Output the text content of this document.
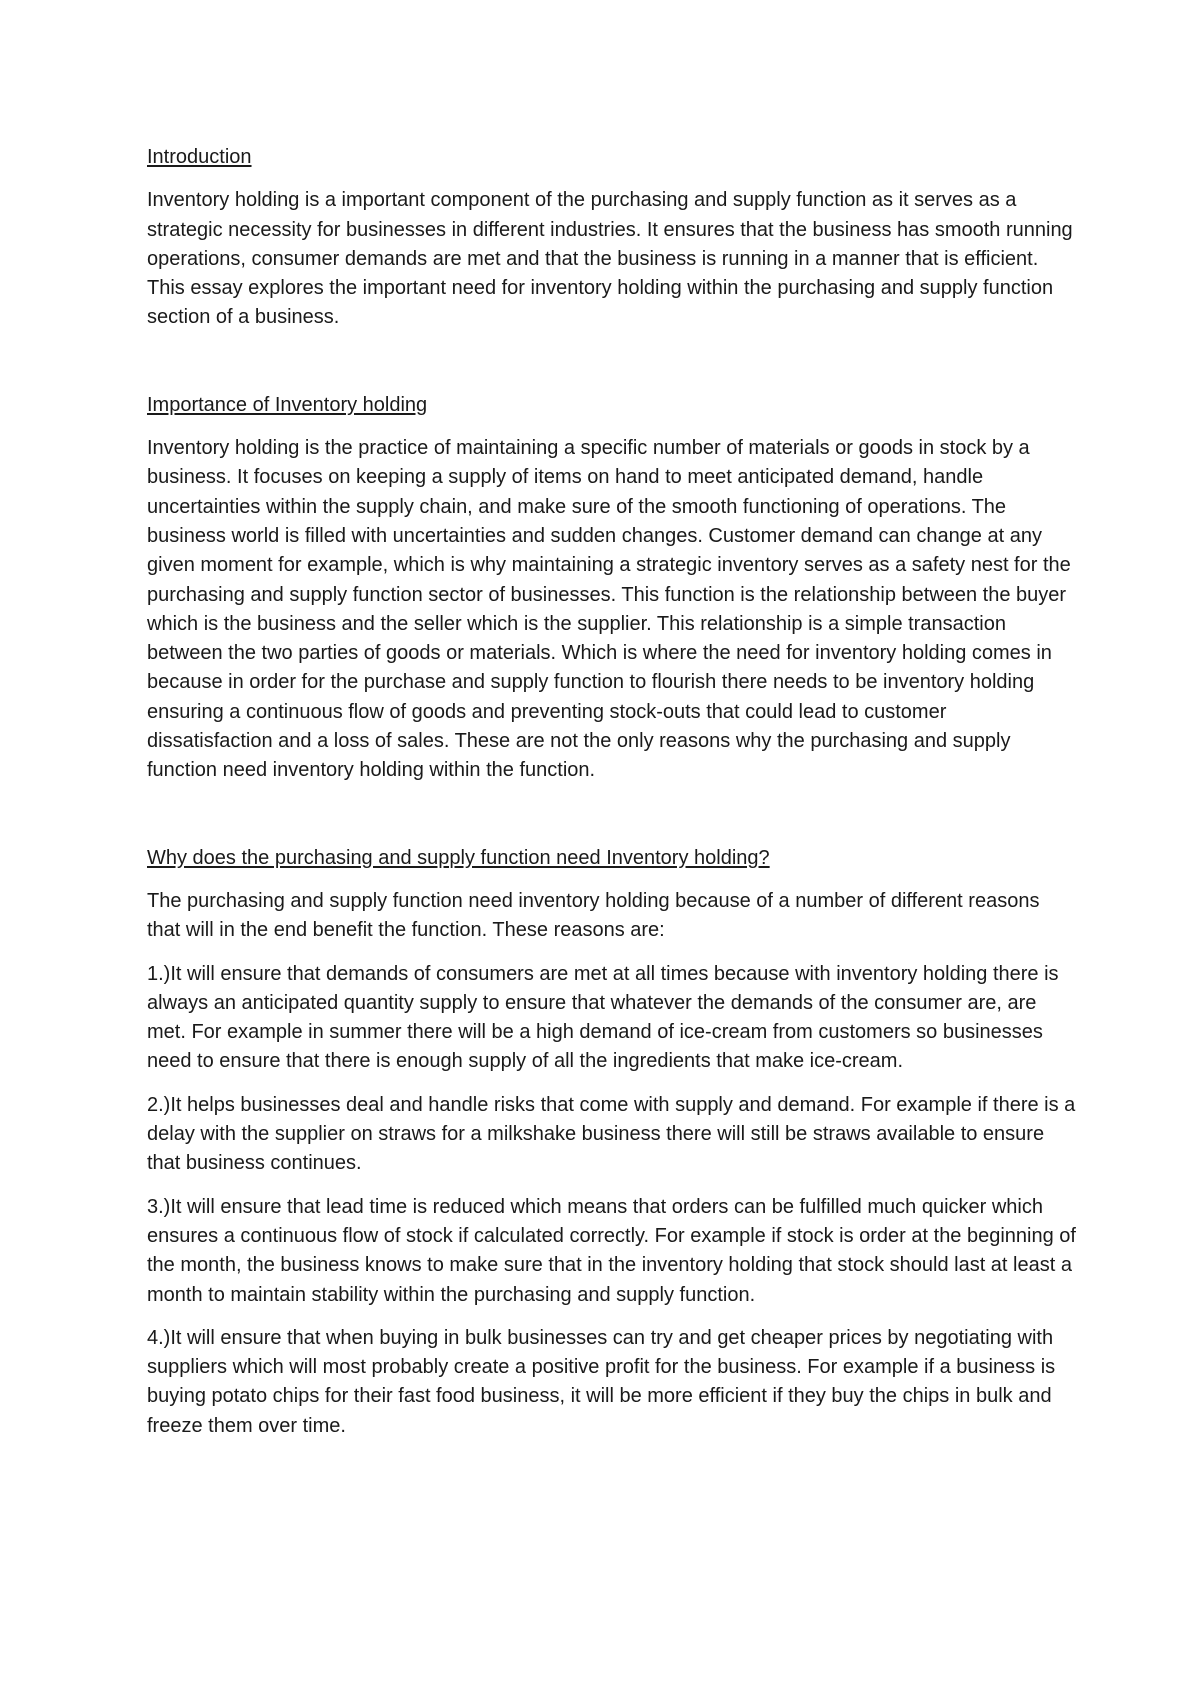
Introduction

Inventory holding is a important component of the purchasing and supply function as it serves as a strategic necessity for businesses in different industries. It ensures that the business has smooth running operations, consumer demands are met and that the business is running in a manner that is efficient. This essay explores the important need for inventory holding within the purchasing and supply function section of a business.

Importance of Inventory holding

Inventory holding is the practice of maintaining a specific number of materials or goods in stock by a business. It focuses on keeping a supply of items on hand to meet anticipated demand, handle uncertainties within the supply chain, and make sure of the smooth functioning of operations. The business world is filled with uncertainties and sudden changes. Customer demand can change at any given moment for example, which is why maintaining a strategic inventory serves as a safety nest for the purchasing and supply function sector of businesses. This function is the relationship between the buyer which is the business and the seller which is the supplier. This relationship is a simple transaction between the two parties of goods or materials. Which is where the need for inventory holding comes in because in order for the purchase and supply function to flourish there needs to be inventory holding ensuring a continuous flow of goods and preventing stock-outs that could lead to customer dissatisfaction and a loss of sales. These are not the only reasons why the purchasing and supply function need inventory holding within the function.

Why does the purchasing and supply function need Inventory holding?

The purchasing and supply function need inventory holding because of a number of different reasons that will in the end benefit the function. These reasons are:

1.)It will ensure that demands of consumers are met at all times because with inventory holding there is always an anticipated quantity supply to ensure that whatever the demands of the consumer are, are met. For example in summer there will be a high demand of ice-cream from customers so businesses need to ensure that there is enough supply of all the ingredients that make ice-cream.

2.)It helps businesses deal and handle risks that come with supply and demand. For example if there is a delay with the supplier on straws for a milkshake business there will still be straws available to ensure that business continues.

3.)It will ensure that lead time is reduced which means that orders can be fulfilled much quicker which ensures a continuous flow of stock if calculated correctly. For example if stock is order at the beginning of the month, the business knows to make sure that in the inventory holding that stock should last at least a month to maintain stability within the purchasing and supply function.

4.)It will ensure that when buying in bulk businesses can try and get cheaper prices by negotiating with suppliers which will most probably create a positive profit for the business. For example if a business is buying potato chips for their fast food business, it will be more efficient if they buy the chips in bulk and freeze them over time.
